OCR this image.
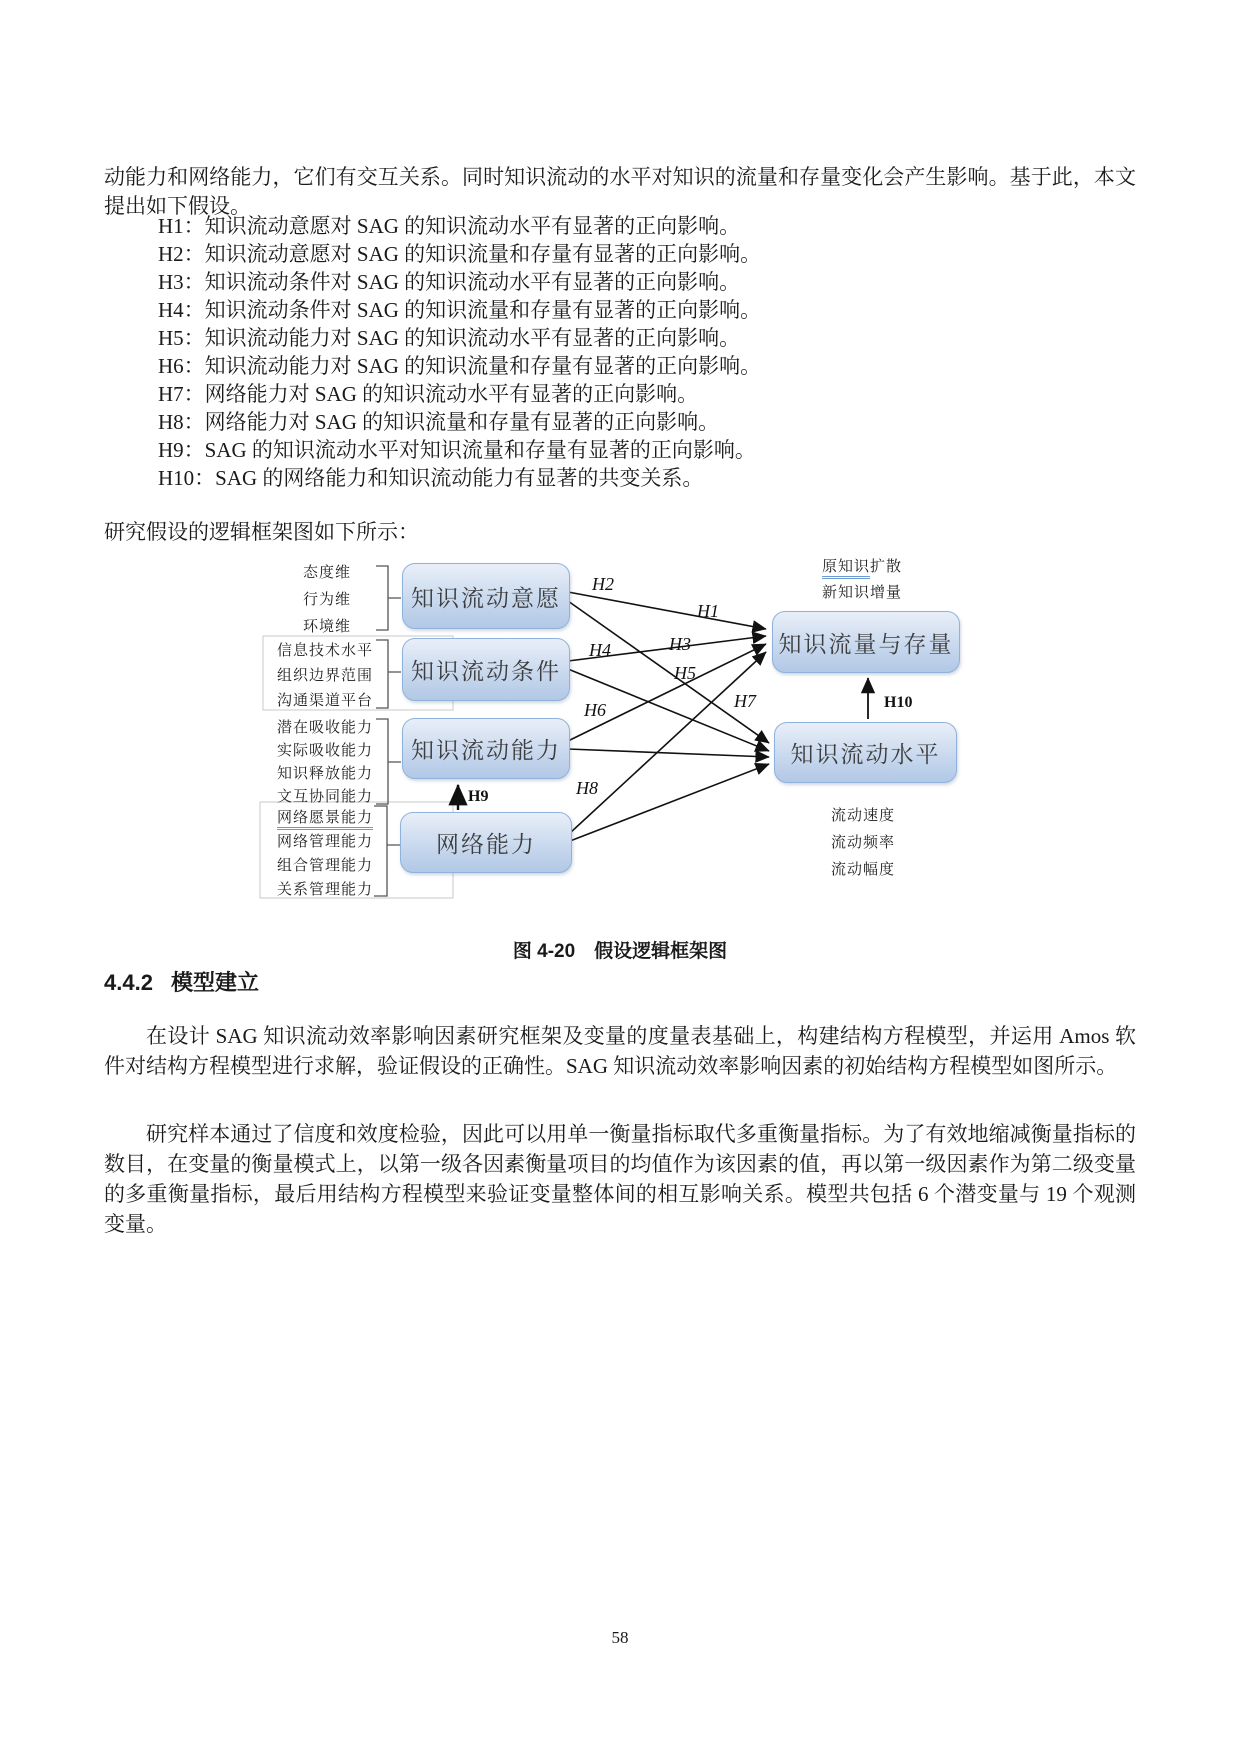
动能力和网络能力，它们有交互关系。同时知识流动的水平对知识的流量和存量变化会产生影响。基于此，本文提出如下假设。

H1：知识流动意愿对 SAG 的知识流动水平有显著的正向影响。
H2：知识流动意愿对 SAG 的知识流量和存量有显著的正向影响。
H3：知识流动条件对 SAG 的知识流动水平有显著的正向影响。
H4：知识流动条件对 SAG 的知识流量和存量有显著的正向影响。
H5：知识流动能力对 SAG 的知识流动水平有显著的正向影响。
H6：知识流动能力对 SAG 的知识流量和存量有显著的正向影响。
H7：网络能力对 SAG 的知识流动水平有显著的正向影响。
H8：网络能力对 SAG 的知识流量和存量有显著的正向影响。
H9：SAG 的知识流动水平对知识流量和存量有显著的正向影响。
H10：SAG 的网络能力和知识流动能力有显著的共变关系。

研究假设的逻辑框架图如下所示：

态度维
行为维
环境维
信息技术水平
组织边界范围
沟通渠道平台
潜在吸收能力
实际吸收能力
知识释放能力
文互协同能力
网络愿景能力
网络管理能力
组合管理能力
关系管理能力
知识流动意愿
知识流动条件
知识流动能力
网络能力
知识流量与存量
知识流动水平
H2
H1
H3
H4
H5
H6	H7
H8
H9
H10
原知识扩散
新知识增量
流动速度
流动频率
流动幅度
图 4-20　假设逻辑框架图
4.4.2 模型建立

在设计 SAG 知识流动效率影响因素研究框架及变量的度量表基础上，构建结构方程模型，并运用 Amos 软件对结构方程模型进行求解，验证假设的正确性。SAG 知识流动效率影响因素的初始结构方程模型如图所示。

研究样本通过了信度和效度检验，因此可以用单一衡量指标取代多重衡量指标。为了有效地缩减衡量指标的数目，在变量的衡量模式上，以第一级各因素衡量项目的均值作为该因素的值，再以第一级因素作为第二级变量的多重衡量指标，最后用结构方程模型来验证变量整体间的相互影响关系。模型共包括 6 个潜变量与 19 个观测变量。

58
